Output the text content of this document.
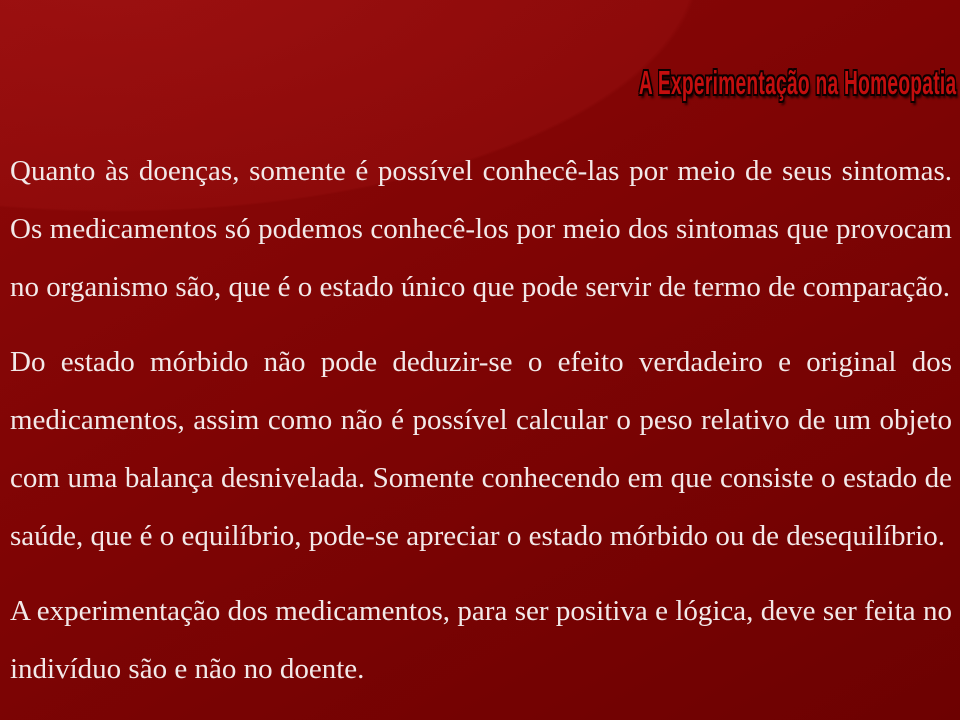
A Experimentação na Homeopatia

Quanto às doenças, somente é possível conhecê-las por meio de seus sintomas. Os medicamentos só podemos conhecê-los por meio dos sintomas que provocam no organismo são, que é o estado único que pode servir de termo de comparação.

Do estado mórbido não pode deduzir-se o efeito verdadeiro e original dos medicamentos, assim como não é possível calcular o peso relativo de um objeto com uma balança desnivelada. Somente conhecendo em que consiste o estado de saúde, que é o equilíbrio, pode-se apreciar o estado mórbido ou de desequilíbrio.

A experimentação dos medicamentos, para ser positiva e lógica, deve ser feita no indivíduo são e não no doente.
